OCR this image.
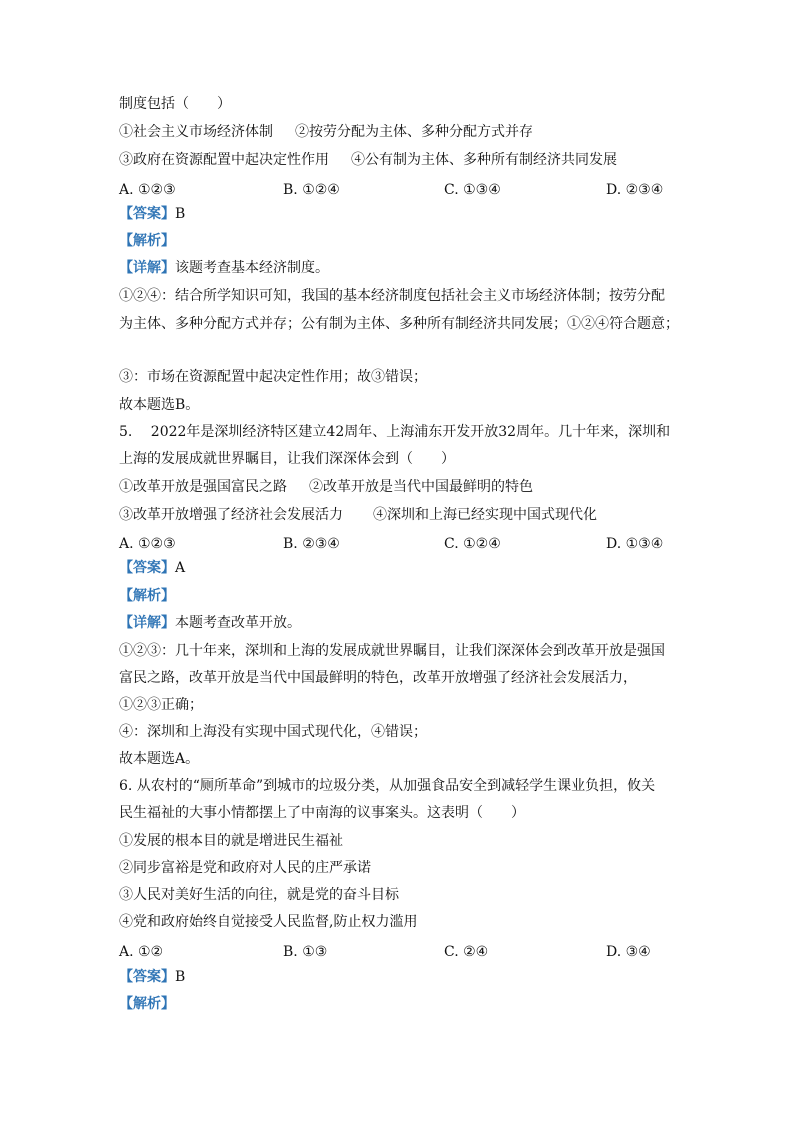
制度包括（　　）
①社会主义市场经济体制 ②按劳分配为主体、多种分配方式并存
③政府在资源配置中起决定性作用 ④公有制为主体、多种所有制经济共同发展
A. ①②③	B. ①②④	C. ①③④	D. ②③④
【答案】B
【解析】
【详解】该题考查基本经济制度。
①②④：结合所学知识可知，我国的基本经济制度包括社会主义市场经济体制；按劳分配
为主体、多种分配方式并存；公有制为主体、多种所有制经济共同发展；①②④符合题意；
③：市场在资源配置中起决定性作用；故③错误；
故本题选B。
5.　 2022年是深圳经济特区建立42周年、上海浦东开发开放32周年。几十年来，深圳和
上海的发展成就世界瞩目，让我们深深体会到（　　）
①改革开放是强国富民之路 ②改革开放是当代中国最鲜明的特色
③改革开放增强了经济社会发展活力 ④深圳和上海已经实现中国式现代化
A. ①②③	B. ②③④	C. ①②④	D. ①③④
【答案】A
【解析】
【详解】本题考查改革开放。
①②③：几十年来，深圳和上海的发展成就世界瞩目，让我们深深体会到改革开放是强国
富民之路，改革开放是当代中国最鲜明的特色，改革开放增强了经济社会发展活力，
①②③正确；
④：深圳和上海没有实现中国式现代化，④错误；
故本题选A。
6. 从农村的“厕所革命”到城市的垃圾分类，从加强食品安全到减轻学生课业负担，攸关
民生福祉的大事小情都摆上了中南海的议事案头。这表明（　　）
①发展的根本目的就是增进民生福祉
②同步富裕是党和政府对人民的庄严承诺
③人民对美好生活的向往，就是党的奋斗目标
④党和政府始终自觉接受人民监督,防止权力滥用
A. ①②	B. ①③	C. ②④	D. ③④
【答案】B
【解析】
